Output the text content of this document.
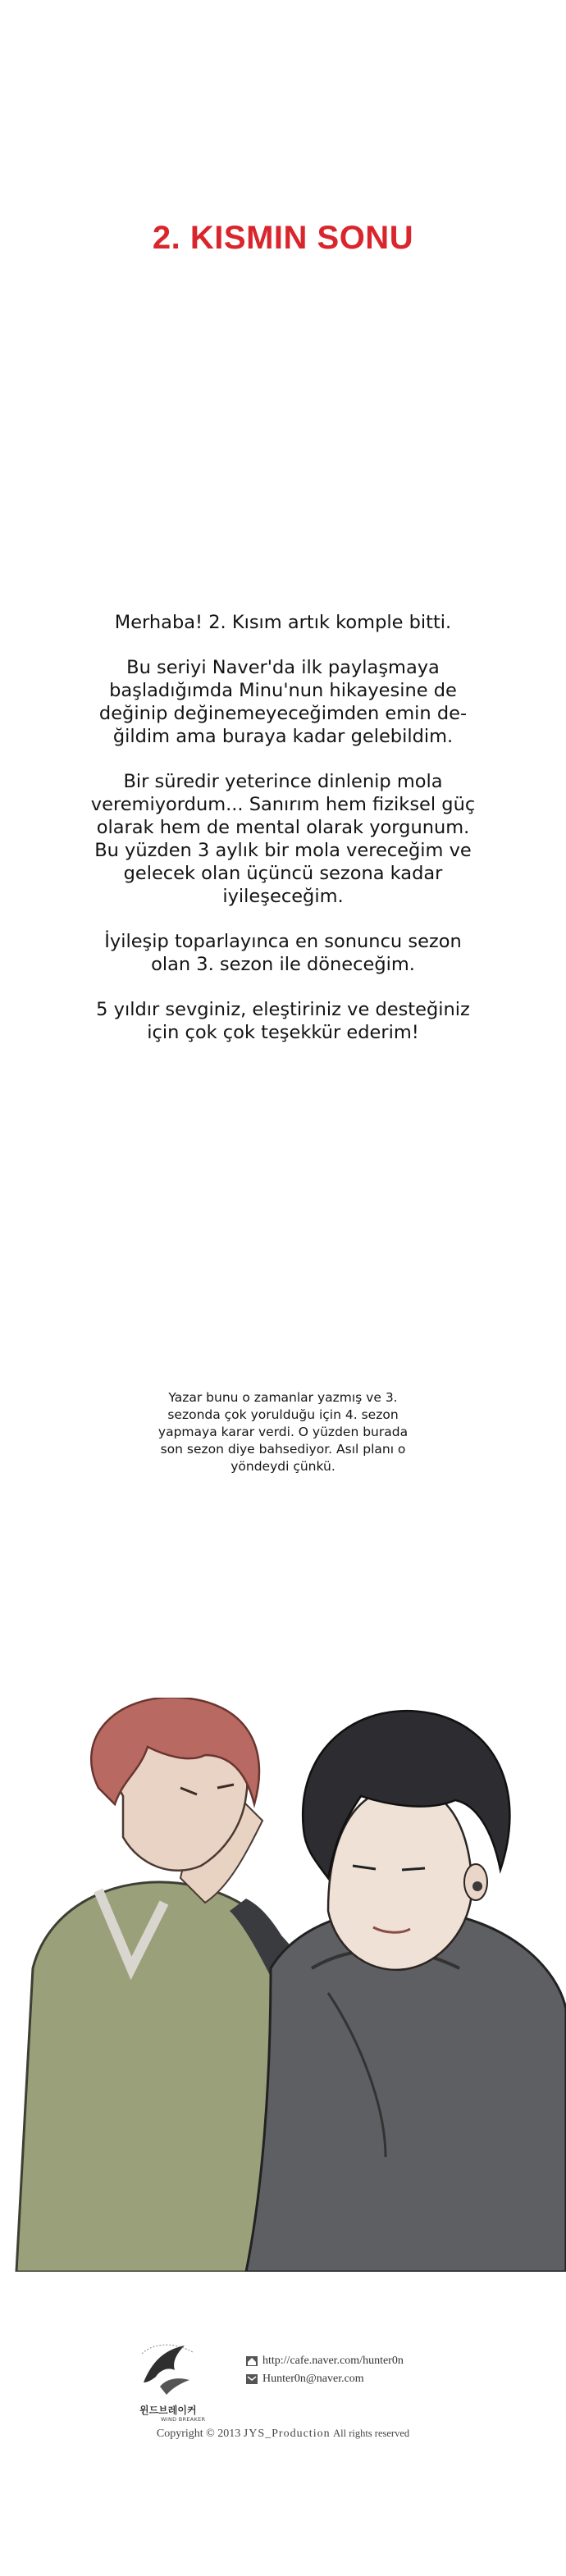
2. KISMIN SONU

Merhaba! 2. Kısım artık komple bitti.

Bu seriyi Naver'da ilk paylaşmaya
başladığımda Minu'nun hikayesine de
değinip değinemeyeceğimden emin de-
ğildim ama buraya kadar gelebildim.

Bir süredir yeterince dinlenip mola
veremiyordum... Sanırım hem fiziksel güç
olarak hem de mental olarak yorgunum.
Bu yüzden 3 aylık bir mola vereceğim ve
gelecek olan üçüncü sezona kadar
iyileşeceğim.

İyileşip toparlayınca en sonuncu sezon
olan 3. sezon ile döneceğim.

5 yıldır sevginiz, eleştiriniz ve desteğiniz
için çok çok teşekkür ederim!

Yazar bunu o zamanlar yazmış ve 3.
sezonda çok yorulduğu için 4. sezon
yapmaya karar verdi. O yüzden burada
son sezon diye bahsediyor. Asıl planı o
yöndeydi çünkü.
윈드브레이커
WIND BREAKER
http://cafe.naver.com/hunter0n
Hunter0n@naver.com
Copyright © 2013 JYS_Production All rights reserved
